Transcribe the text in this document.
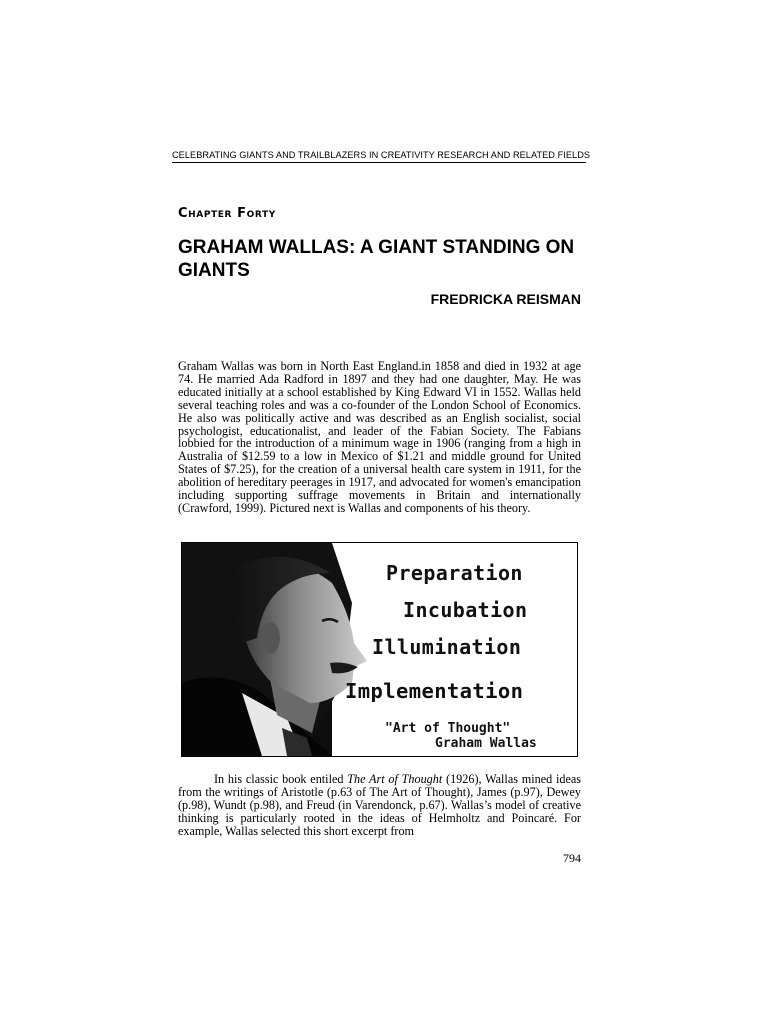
CELEBRATING GIANTS AND TRAILBLAZERS IN CREATIVITY RESEARCH AND RELATED FIELDS
Chapter Forty
GRAHAM WALLAS: A GIANT STANDING ON GIANTS
FREDRICKA REISMAN

Graham Wallas was born in North East England.in 1858 and died in 1932 at age 74. He married Ada Radford in 1897 and they had one daughter, May. He was educated initially at a school established by King Edward VI in 1552. Wallas held several teaching roles and was a co-founder of the London School of Economics. He also was politically active and was described as an English socialist, social psychologist, educationalist, and leader of the Fabian Society. The Fabians lobbied for the introduction of a minimum wage in 1906 (ranging from a high in Australia of $12.59 to a low in Mexico of $1.21 and middle ground for United States of $7.25), for the creation of a universal health care system in 1911, for the abolition of hereditary peerages in 1917, and advocated for women's emancipation including supporting suffrage movements in Britain and internationally (Crawford, 1999). Pictured next is Wallas and components of his theory.

Preparation
Incubation
Illumination
Implementation
"Art of Thought"
Graham Wallas

In his classic book entiled The Art of Thought (1926), Wallas mined ideas from the writings of Aristotle (p.63 of The Art of Thought), James (p.97), Dewey (p.98), Wundt (p.98), and Freud (in Varendonck, p.67). Wallas’s model of creative thinking is particularly rooted in the ideas of Helmholtz and Poincaré. For example, Wallas selected this short excerpt from

794
